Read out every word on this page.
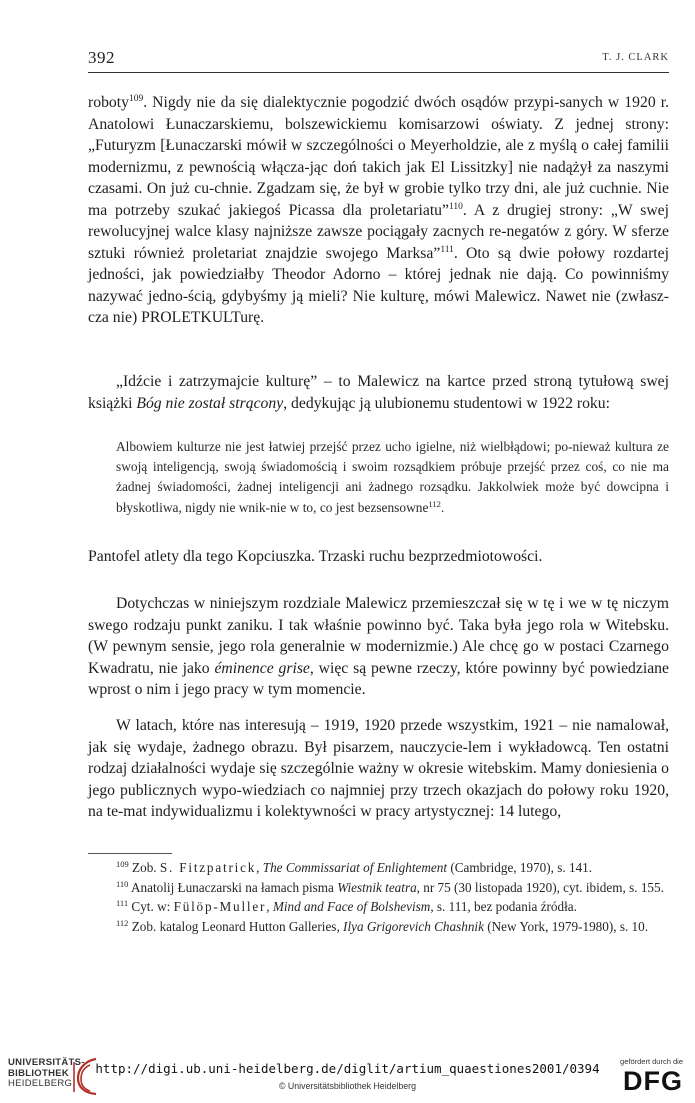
392	T. J. CLARK

roboty$^{109}$. Nigdy nie da się dialektycznie pogodzić dwóch osądów przypi-sanych w 1920 r. Anatolowi Łunaczarskiemu, bolszewickiemu komisarzowi oświaty. Z jednej strony: „Futuryzm [Łunaczarski mówił w szczególności o Meyerholdzie, ale z myślą o całej familii modernizmu, z pewnością włącza-jąc doń takich jak El Lissitzky] nie nadążył za naszymi czasami. On już cu-chnie. Zgadzam się, że był w grobie tylko trzy dni, ale już cuchnie. Nie ma potrzeby szukać jakiegoś Picassa dla proletariatu”$^{110}$. A z drugiej strony: „W swej rewolucyjnej walce klasy najniższe zawsze pociągały zacnych re-negatów z góry. W sferze sztuki również proletariat znajdzie swojego Marksa”$^{111}$. Oto są dwie połowy rozdartej jedności, jak powiedziałby Theodor Adorno – której jednak nie dają. Co powinniśmy nazywać jedno-ścią, gdybyśmy ją mieli? Nie kulturę, mówi Malewicz. Nawet nie (zwłasz-cza nie) PROLETKULTurę.

„Idźcie i zatrzymajcie kulturę” – to Malewicz na kartce przed stroną tytułową swej książki Bóg nie został strącony, dedykując ją ulubionemu studentowi w 1922 roku:

Albowiem kulturze nie jest łatwiej przejść przez ucho igielne, niż wielbłądowi; po-nieważ kultura ze swoją inteligencją, swoją świadomością i swoim rozsądkiem próbuje przejść przez coś, co nie ma żadnej świadomości, żadnej inteligencji ani żadnego rozsądku. Jakkolwiek może być dowcipna i błyskotliwa, nigdy nie wnik-nie w to, co jest bezsensowne$^{112}$.

Pantofel atlety dla tego Kopciuszka. Trzaski ruchu bezprzedmiotowości.

Dotychczas w niniejszym rozdziale Malewicz przemieszczał się w tę i we w tę niczym swego rodzaju punkt zaniku. I tak właśnie powinno być. Taka była jego rola w Witebsku. (W pewnym sensie, jego rola generalnie w modernizmie.) Ale chcę go w postaci Czarnego Kwadratu, nie jako éminence grise, więc są pewne rzeczy, które powinny być powiedziane wprost o nim i jego pracy w tym momencie.

W latach, które nas interesują – 1919, 1920 przede wszystkim, 1921 – nie namalował, jak się wydaje, żadnego obrazu. Był pisarzem, nauczycie-lem i wykładowcą. Ten ostatni rodzaj działalności wydaje się szczególnie ważny w okresie witebskim. Mamy doniesienia o jego publicznych wypo-wiedziach co najmniej przy trzech okazjach do połowy roku 1920, na te-mat indywidualizmu i kolektywności w pracy artystycznej: 14 lutego,

$^{109}$ Zob. S. Fitzpatrick, The Commissariat of Enlightement (Cambridge, 1970), s. 141.

$^{110}$ Anatolij Łunaczarski na łamach pisma Wiestnik teatra, nr 75 (30 listopada 1920), cyt. ibidem, s. 155.

$^{111}$ Cyt. w: Fülöp-Muller, Mind and Face of Bolshevism, s. 111, bez podania źródła.

$^{112}$ Zob. katalog Leonard Hutton Galleries, Ilya Grigorevich Chashnik (New York, 1979-1980), s. 10.

UNIVERSITÄTS-
BIBLIOTHEK
HEIDELBERG
http://digi.ub.uni-heidelberg.de/diglit/artium_quaestiones2001/0394
© Universitätsbibliothek Heidelberg
gefördert durch die
DFG
